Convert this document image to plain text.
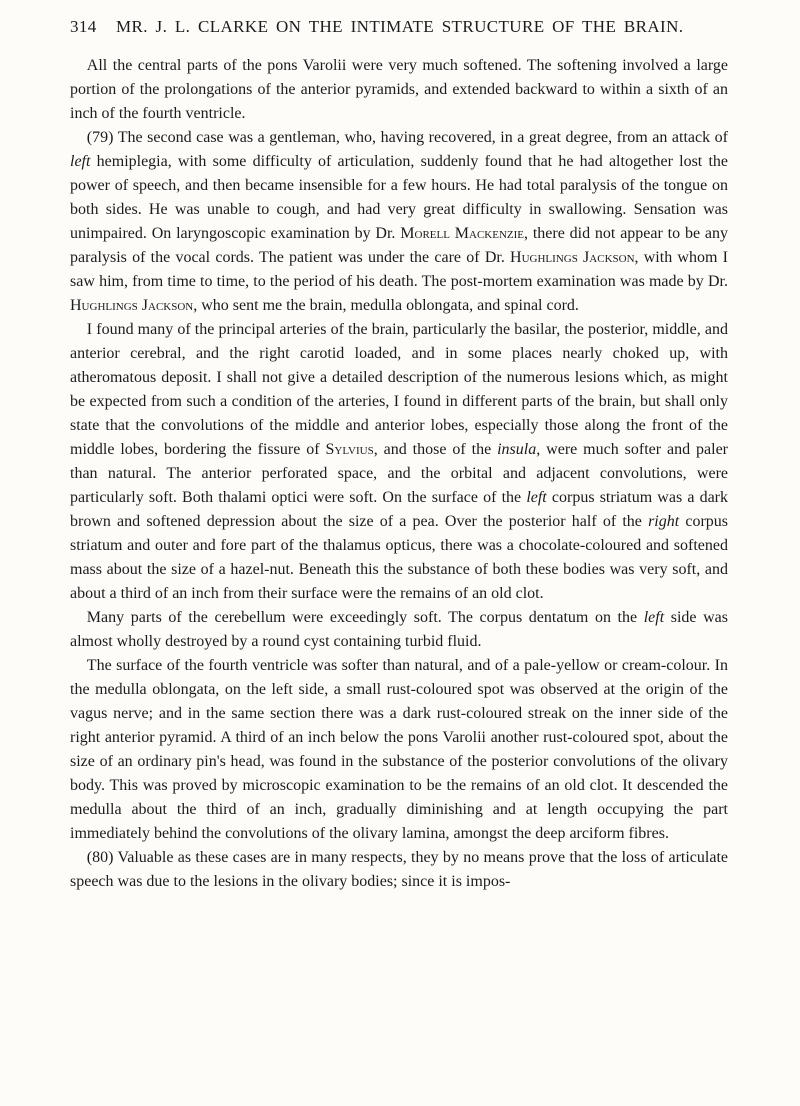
314 MR. J. L. CLARKE ON THE INTIMATE STRUCTURE OF THE BRAIN.

All the central parts of the pons Varolii were very much softened. The softening involved a large portion of the prolongations of the anterior pyramids, and extended backward to within a sixth of an inch of the fourth ventricle.

(79) The second case was a gentleman, who, having recovered, in a great degree, from an attack of left hemiplegia, with some difficulty of articulation, suddenly found that he had altogether lost the power of speech, and then became insensible for a few hours. He had total paralysis of the tongue on both sides. He was unable to cough, and had very great difficulty in swallowing. Sensation was unimpaired. On laryngoscopic examination by Dr. Morell Mackenzie, there did not appear to be any paralysis of the vocal cords. The patient was under the care of Dr. Hughlings Jackson, with whom I saw him, from time to time, to the period of his death. The post-mortem examination was made by Dr. Hughlings Jackson, who sent me the brain, medulla oblongata, and spinal cord.

I found many of the principal arteries of the brain, particularly the basilar, the posterior, middle, and anterior cerebral, and the right carotid loaded, and in some places nearly choked up, with atheromatous deposit. I shall not give a detailed description of the numerous lesions which, as might be expected from such a condition of the arteries, I found in different parts of the brain, but shall only state that the convolutions of the middle and anterior lobes, especially those along the front of the middle lobes, bordering the fissure of Sylvius, and those of the insula, were much softer and paler than natural. The anterior perforated space, and the orbital and adjacent convolutions, were particularly soft. Both thalami optici were soft. On the surface of the left corpus striatum was a dark brown and softened depression about the size of a pea. Over the posterior half of the right corpus striatum and outer and fore part of the thalamus opticus, there was a chocolate-coloured and softened mass about the size of a hazel-nut. Beneath this the substance of both these bodies was very soft, and about a third of an inch from their surface were the remains of an old clot.

Many parts of the cerebellum were exceedingly soft. The corpus dentatum on the left side was almost wholly destroyed by a round cyst containing turbid fluid.

The surface of the fourth ventricle was softer than natural, and of a pale-yellow or cream-colour. In the medulla oblongata, on the left side, a small rust-coloured spot was observed at the origin of the vagus nerve; and in the same section there was a dark rust-coloured streak on the inner side of the right anterior pyramid. A third of an inch below the pons Varolii another rust-coloured spot, about the size of an ordinary pin's head, was found in the substance of the posterior convolutions of the olivary body. This was proved by microscopic examination to be the remains of an old clot. It descended the medulla about the third of an inch, gradually diminishing and at length occupying the part immediately behind the convolutions of the olivary lamina, amongst the deep arciform fibres.

(80) Valuable as these cases are in many respects, they by no means prove that the loss of articulate speech was due to the lesions in the olivary bodies; since it is impos-
